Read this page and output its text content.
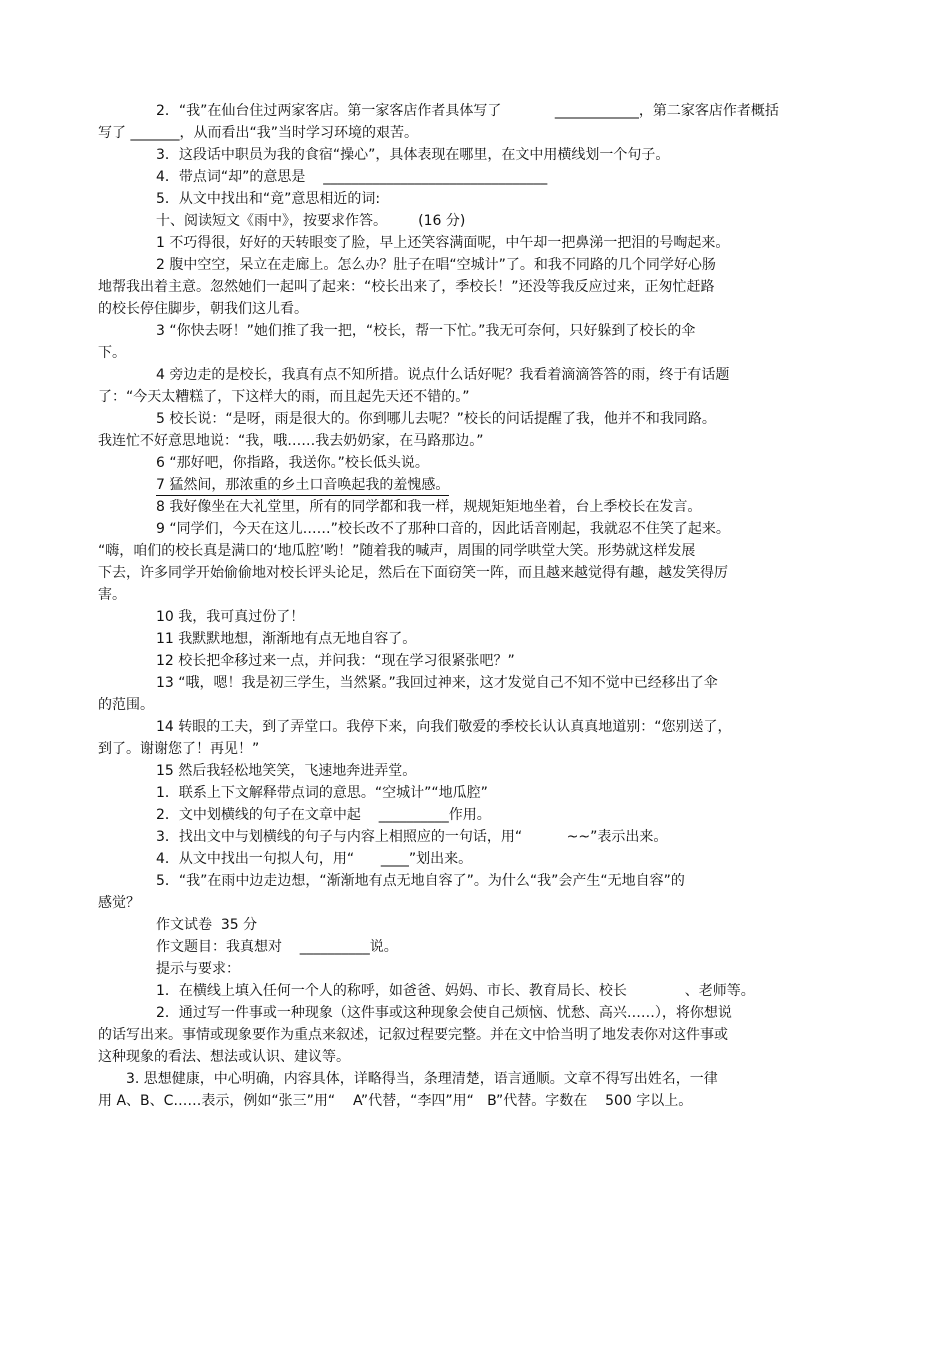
2．“我”在仙台住过两家客店。第一家客店作者具体写了            ____________，第二家客店作者概括
写了 _______，从而看出“我”当时学习环境的艰苦。
3．这段话中职员为我的食宿“操心”，具体表现在哪里，在文中用横线划一个句子。
4．带点词“却”的意思是    ________________________________
5．从文中找出和“竟”意思相近的词:
十、阅读短文《雨中》，按要求作答。       (16 分)
1 不巧得很，好好的天转眼变了脸，早上还笑容满面呢，中午却一把鼻涕一把泪的号啕起来。
2 腹中空空，呆立在走廊上。怎么办？肚子在唱“空城计”了。和我不同路的几个同学好心肠
地帮我出着主意。忽然她们一起叫了起来：“校长出来了，季校长！”还没等我反应过来，正匆忙赶路
的校长停住脚步，朝我们这儿看。
3 “你快去呀！”她们推了我一把，“校长，帮一下忙。”我无可奈何，只好躲到了校长的伞
下。
4 旁边走的是校长，我真有点不知所措。说点什么话好呢？我看着滴滴答答的雨，终于有话题
了：“今天太糟糕了，下这样大的雨，而且起先天还不错的。”
5 校长说：“是呀，雨是很大的。你到哪儿去呢？”校长的问话提醒了我，他并不和我同路。
我连忙不好意思地说：“我，哦……我去奶奶家，在马路那边。”
6 “那好吧，你指路，我送你。”校长低头说。
7 猛然间，那浓重的乡土口音唤起我的羞愧感。
8 我好像坐在大礼堂里，所有的同学都和我一样，规规矩矩地坐着，台上季校长在发言。
9 “同学们，今天在这儿……”校长改不了那种口音的，因此话音刚起，我就忍不住笑了起来。
“嗨，咱们的校长真是满口的‘地瓜腔’哟！”随着我的喊声，周围的同学哄堂大笑。形势就这样发展
下去，许多同学开始偷偷地对校长评头论足，然后在下面窃笑一阵，而且越来越觉得有趣，越发笑得厉
害。
10 我，我可真过份了！
11 我默默地想，渐渐地有点无地自容了。
12 校长把伞移过来一点，并问我：“现在学习很紧张吧？”
13 “哦，嗯！我是初三学生，当然紧。”我回过神来，这才发觉自己不知不觉中已经移出了伞
的范围。
14 转眼的工夫，到了弄堂口。我停下来，向我们敬爱的季校长认认真真地道别：“您别送了，
到了。谢谢您了！再见！”
15 然后我轻松地笑笑，飞速地奔进弄堂。
1．联系上下文解释带点词的意思。“空城计”“地瓜腔”
2．文中划横线的句子在文章中起    __________作用。
3．找出文中与划横线的句子与内容上相照应的一句话，用“          ~~”表示出来。
4．从文中找出一句拟人句，用“      ____”划出来。
5．“我”在雨中边走边想，“渐渐地有点无地自容了”。为什么“我”会产生“无地自容”的
感觉？
作文试卷  35 分
作文题目：我真想对    __________说。
提示与要求：
1．在横线上填入任何一个人的称呼，如爸爸、妈妈、市长、教育局长、校长             、老师等。
2．通过写一件事或一种现象（这件事或这种现象会使自己烦恼、忧愁、高兴……），将你想说
的话写出来。事情或现象要作为重点来叙述，记叙过程要完整。并在文中恰当明了地发表你对这件事或
这种现象的看法、想法或认识、建议等。
3. 思想健康，中心明确，内容具体，详略得当，条理清楚，语言通顺。文章不得写出姓名，一律
用 A、B、C……表示，例如“张三”用“    A”代替，“李四”用“   B”代替。字数在    500 字以上。
